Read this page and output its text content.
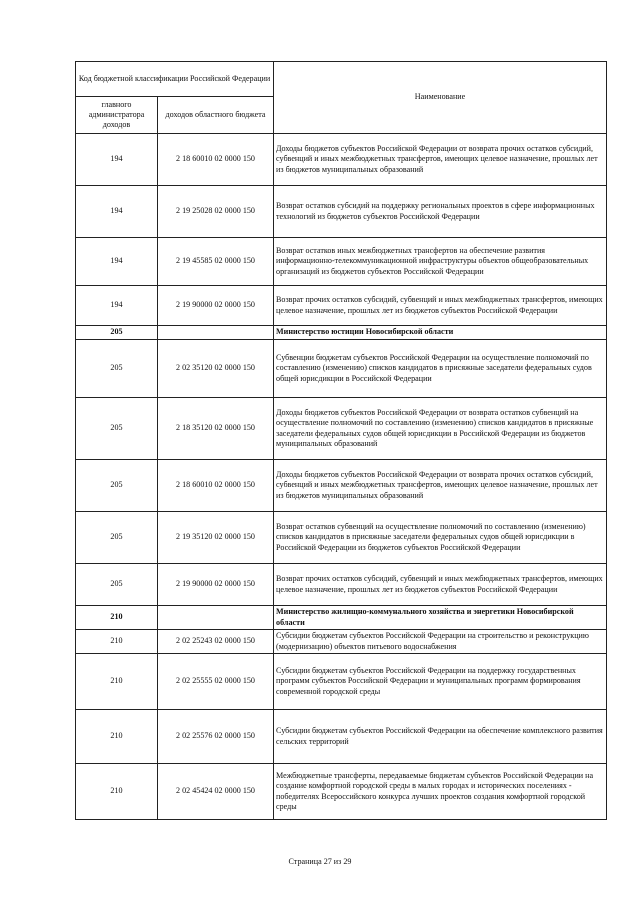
Код бюджетной классификации Российской Федерации		Наименование
главного администратора доходов	доходов областного бюджета	
194	2 18 60010 02 0000 150	Доходы бюджетов субъектов Российской Федерации от возврата прочих остатков субсидий, субвенций и иных межбюджетных трансфертов, имеющих целевое назначение, прошлых лет из бюджетов муниципальных образований
194	2 19 25028 02 0000 150	Возврат остатков субсидий на поддержку региональных проектов в сфере информационных технологий из бюджетов субъектов Российской Федерации
194	2 19 45585 02 0000 150	Возврат остатков иных межбюджетных трансфертов на обеспечение развития информационно-телекоммуникационной инфраструктуры объектов общеобразовательных организаций из бюджетов субъектов Российской Федерации
194	2 19 90000 02 0000 150	Возврат прочих остатков субсидий, субвенций и иных межбюджетных трансфертов, имеющих целевое назначение, прошлых лет из бюджетов субъектов Российской Федерации
205		Министерство юстиции Новосибирской области
205	2 02 35120 02 0000 150	Субвенции бюджетам субъектов Российской Федерации на осуществление полномочий по составлению (изменению) списков кандидатов в присяжные заседатели федеральных судов общей юрисдикции в Российской Федерации
205	2 18 35120 02 0000 150	Доходы бюджетов субъектов Российской Федерации от возврата остатков субвенций на осуществление полномочий по составлению (изменению) списков кандидатов в присяжные заседатели федеральных судов общей юрисдикции в Российской Федерации из бюджетов муниципальных образований
205	2 18 60010 02 0000 150	Доходы бюджетов субъектов Российской Федерации от возврата прочих остатков субсидий, субвенций и иных межбюджетных трансфертов, имеющих целевое назначение, прошлых лет из бюджетов муниципальных образований
205	2 19 35120 02 0000 150	Возврат остатков субвенций на осуществление полномочий по составлению (изменению) списков кандидатов в присяжные заседатели федеральных судов общей юрисдикции в Российской Федерации из бюджетов субъектов Российской Федерации
205	2 19 90000 02 0000 150	Возврат прочих остатков субсидий, субвенций и иных межбюджетных трансфертов, имеющих целевое назначение, прошлых лет из бюджетов субъектов Российской Федерации
210		Министерство жилищно-коммунального хозяйства и энергетики Новосибирской области
210	2 02 25243 02 0000 150	Субсидии бюджетам субъектов Российской Федерации на строительство и реконструкцию (модернизацию) объектов питьевого водоснабжения
210	2 02 25555 02 0000 150	Субсидии бюджетам субъектов Российской Федерации на поддержку государственных программ субъектов Российской Федерации и муниципальных программ формирования современной городской среды
210	2 02 25576 02 0000 150	Субсидии бюджетам субъектов Российской Федерации на обеспечение комплексного развития сельских территорий
210	2 02 45424 02 0000 150	Межбюджетные трансферты, передаваемые бюджетам субъектов Российской Федерации на создание комфортной городской среды в малых городах и исторических поселениях - победителях Всероссийского конкурса лучших проектов создания комфортной городской среды
Страница 27 из 29
